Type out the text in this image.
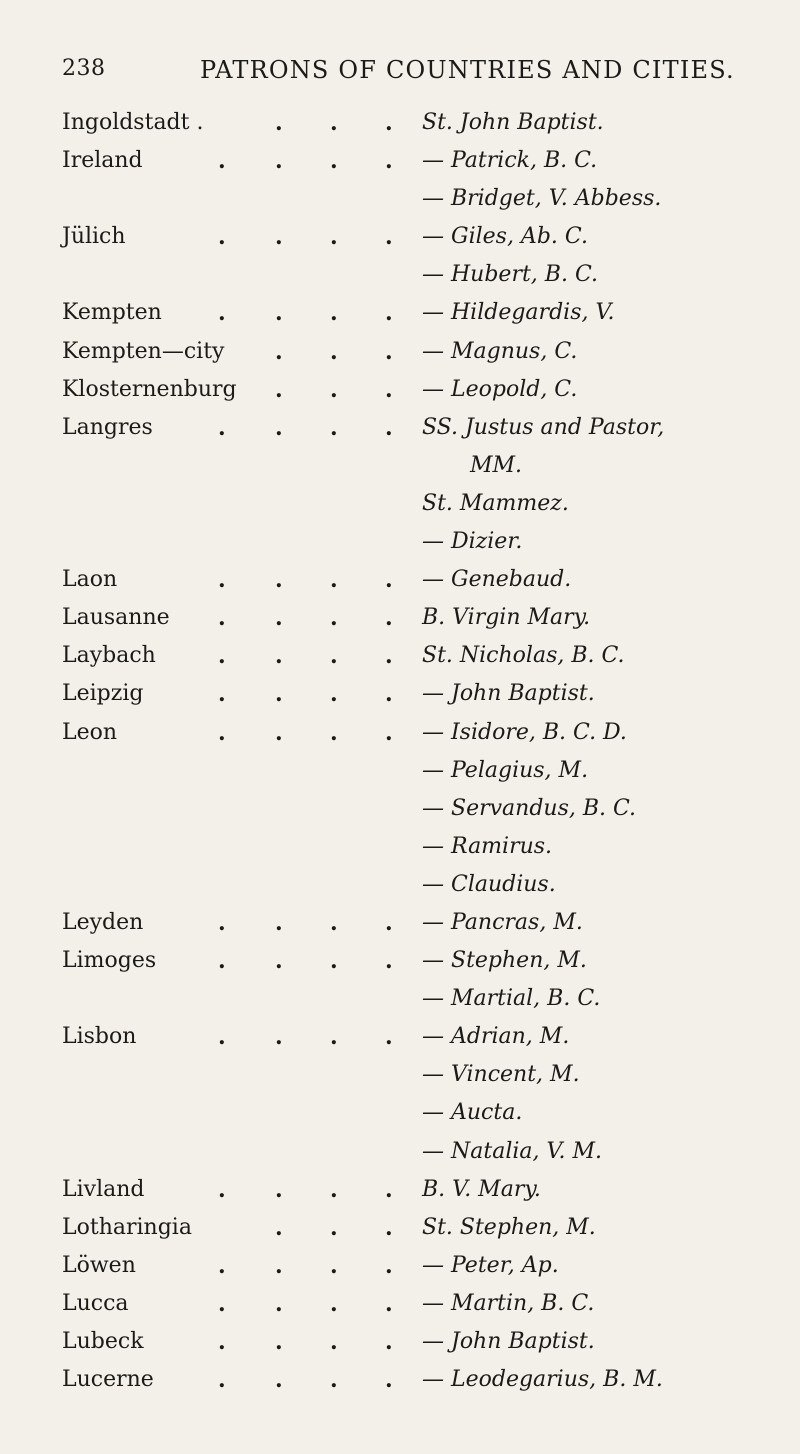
238	PATRONS OF COUNTRIES AND CITIES.
Ingoldstadt .	. . . St. John Baptist.
Ireland	. . . . — Patrick, B. C.
— Bridget, V. Abbess.
Jülich	. . . . — Giles, Ab. C.
— Hubert, B. C.
Kempten	. . . . — Hildegardis, V.
Kempten—city . . . — Magnus, C.
Klosternenburg . . . — Leopold, C.
Langres	. . . . SS. Justus and Pastor,
MM.
St. Mammez.
— Dizier.
Laon	. . . . — Genebaud.
Lausanne . . . . B. Virgin Mary.
Laybach	. . . . St. Nicholas, B. C.
Leipzig	. . . . — John Baptist.
Leon	. . . . — Isidore, B. C. D.
— Pelagius, M.
— Servandus, B. C.
— Ramirus.
— Claudius.
Leyden	. . . . — Pancras, M.
Limoges	. . . . — Stephen, M.
— Martial, B. C.
Lisbon	. . . . — Adrian, M.
— Vincent, M.
— Aucta.
— Natalia, V. M.
Livland	. . . . B. V. Mary.
Lotharingia	. . . St. Stephen, M.
Löwen	. . . . — Peter, Ap.
Lucca	. . . . — Martin, B. C.
Lubeck	. . . . — John Baptist.
Lucerne	. . . . — Leodegarius, B. M.
